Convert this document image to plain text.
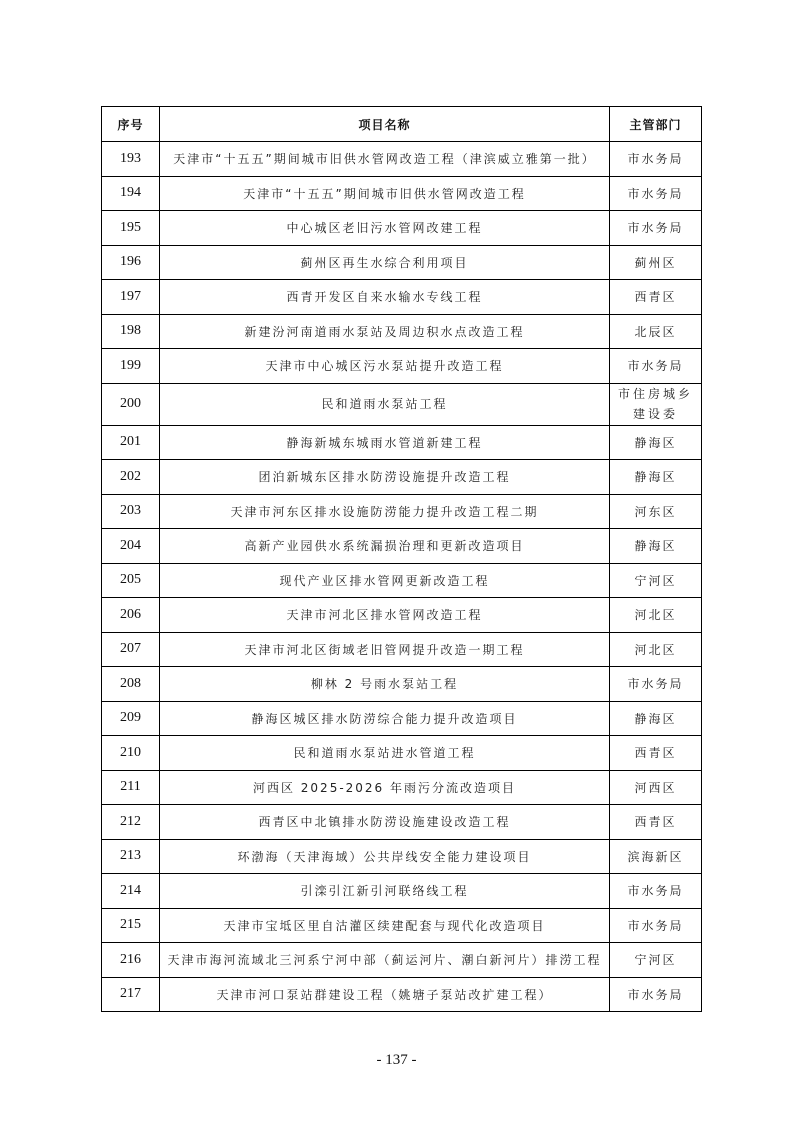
序号	项目名称	主管部门
193	天津市“十五五”期间城市旧供水管网改造工程（津滨威立雅第一批）	市水务局
194	天津市“十五五”期间城市旧供水管网改造工程	市水务局
195	中心城区老旧污水管网改建工程	市水务局
196	蓟州区再生水综合利用项目	蓟州区
197	西青开发区自来水输水专线工程	西青区
198	新建汾河南道雨水泵站及周边积水点改造工程	北辰区
199	天津市中心城区污水泵站提升改造工程	市水务局
200	民和道雨水泵站工程	市住房城乡
建设委
201	静海新城东城雨水管道新建工程	静海区
202	团泊新城东区排水防涝设施提升改造工程	静海区
203	天津市河东区排水设施防涝能力提升改造工程二期	河东区
204	高新产业园供水系统漏损治理和更新改造项目	静海区
205	现代产业区排水管网更新改造工程	宁河区
206	天津市河北区排水管网改造工程	河北区
207	天津市河北区街域老旧管网提升改造一期工程	河北区
208	柳林 2 号雨水泵站工程	市水务局
209	静海区城区排水防涝综合能力提升改造项目	静海区
210	民和道雨水泵站进水管道工程	西青区
211	河西区 2025-2026 年雨污分流改造项目	河西区
212	西青区中北镇排水防涝设施建设改造工程	西青区
213	环渤海（天津海域）公共岸线安全能力建设项目	滨海新区
214	引滦引江新引河联络线工程	市水务局
215	天津市宝坻区里自沽灌区续建配套与现代化改造项目	市水务局
216	天津市海河流域北三河系宁河中部（蓟运河片、潮白新河片）排涝工程	宁河区
217	天津市河口泵站群建设工程（姚塘子泵站改扩建工程）	市水务局
- 137 -
